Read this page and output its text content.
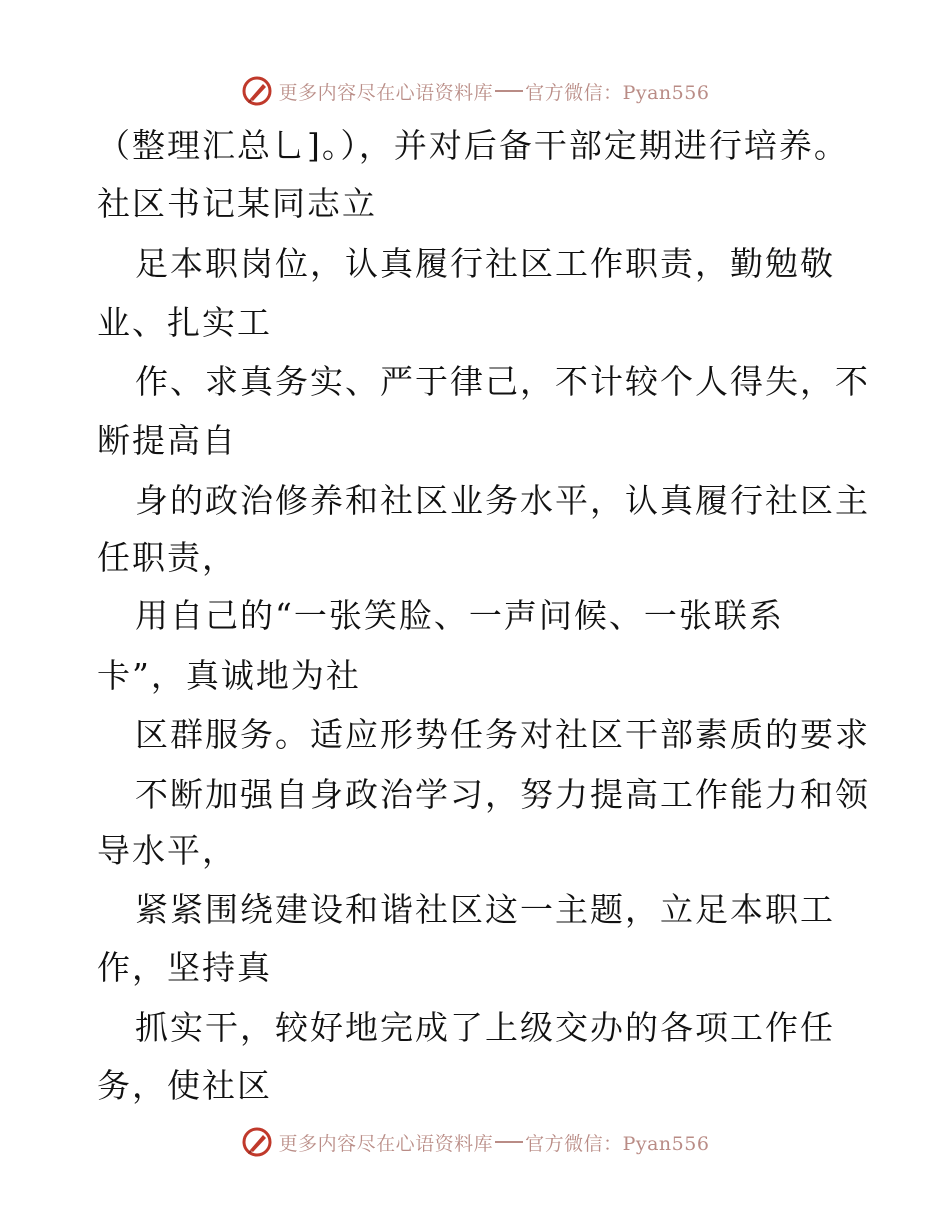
更多内容尽在心语资料库 官方微信：Pyan556
（整理汇总⺃]。），并对后备干部定期进行培养。
社区书记某同志立
足本职岗位，认真履行社区工作职责，勤勉敬
业、扎实工
作、求真务实、严于律己，不计较个人得失，不
断提高自
身的政治修养和社区业务水平，认真履行社区主
任职责，
用自己的“一张笑脸、一声问候、一张联系
卡”，真诚地为社
区群服务。适应形势任务对社区干部素质的要求
不断加强自身政治学习，努力提高工作能力和领
导水平，
紧紧围绕建设和谐社区这一主题，立足本职工
作，坚持真
抓实干，较好地完成了上级交办的各项工作任
务，使社区
更多内容尽在心语资料库 官方微信：Pyan556
